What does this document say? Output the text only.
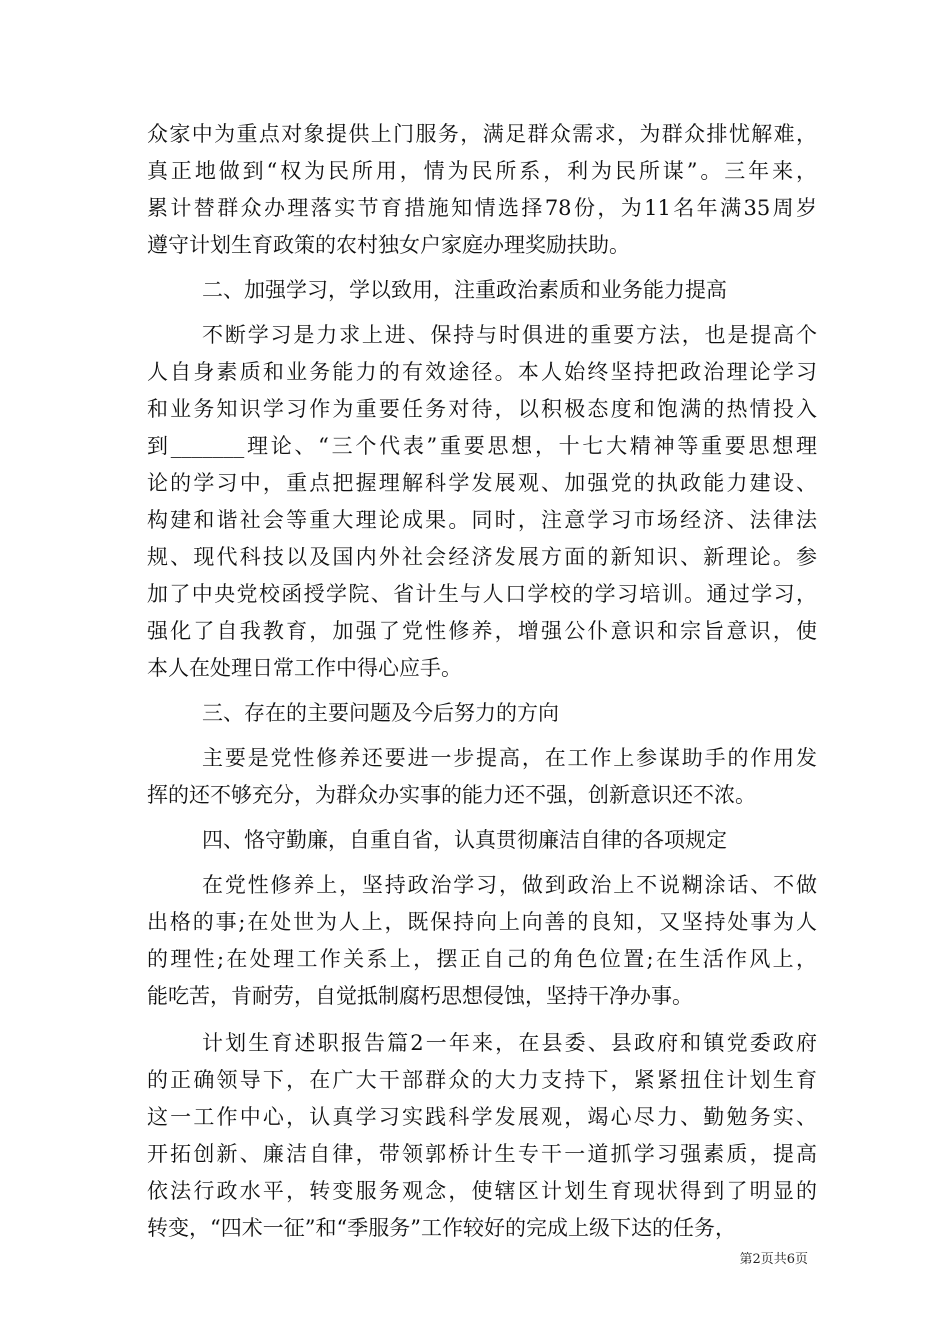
众家中为重点对象提供上门服务，满足群众需求，为群众排忧解难，
真正地做到“权为民所用，情为民所系，利为民所谋”。三年来，
累计替群众办理落实节育措施知情选择78份，为11名年满35周岁
遵守计划生育政策的农村独女户家庭办理奖励扶助。
二、加强学习，学以致用，注重政治素质和业务能力提高
不断学习是力求上进、保持与时俱进的重要方法，也是提高个
人自身素质和业务能力的有效途径。本人始终坚持把政治理论学习
和业务知识学习作为重要任务对待，以积极态度和饱满的热情投入
到_______理论、“三个代表”重要思想，十七大精神等重要思想理
论的学习中，重点把握理解科学发展观、加强党的执政能力建设、
构建和谐社会等重大理论成果。同时，注意学习市场经济、法律法
规、现代科技以及国内外社会经济发展方面的新知识、新理论。参
加了中央党校函授学院、省计生与人口学校的学习培训。通过学习，
强化了自我教育，加强了党性修养，增强公仆意识和宗旨意识，使
本人在处理日常工作中得心应手。
三、存在的主要问题及今后努力的方向
主要是党性修养还要进一步提高，在工作上参谋助手的作用发
挥的还不够充分，为群众办实事的能力还不强，创新意识还不浓。
四、恪守勤廉，自重自省，认真贯彻廉洁自律的各项规定
在党性修养上，坚持政治学习，做到政治上不说糊涂话、不做
出格的事;在处世为人上，既保持向上向善的良知，又坚持处事为人
的理性;在处理工作关系上，摆正自己的角色位置;在生活作风上，
能吃苦，肯耐劳，自觉抵制腐朽思想侵蚀，坚持干净办事。
计划生育述职报告篇2一年来，在县委、县政府和镇党委政府
的正确领导下，在广大干部群众的大力支持下，紧紧扭住计划生育
这一工作中心，认真学习实践科学发展观，竭心尽力、勤勉务实、
开拓创新、廉洁自律，带领郭桥计生专干一道抓学习强素质，提高
依法行政水平，转变服务观念，使辖区计划生育现状得到了明显的
转变，“四术一征”和“季服务”工作较好的完成上级下达的任务，
第2页共6页
